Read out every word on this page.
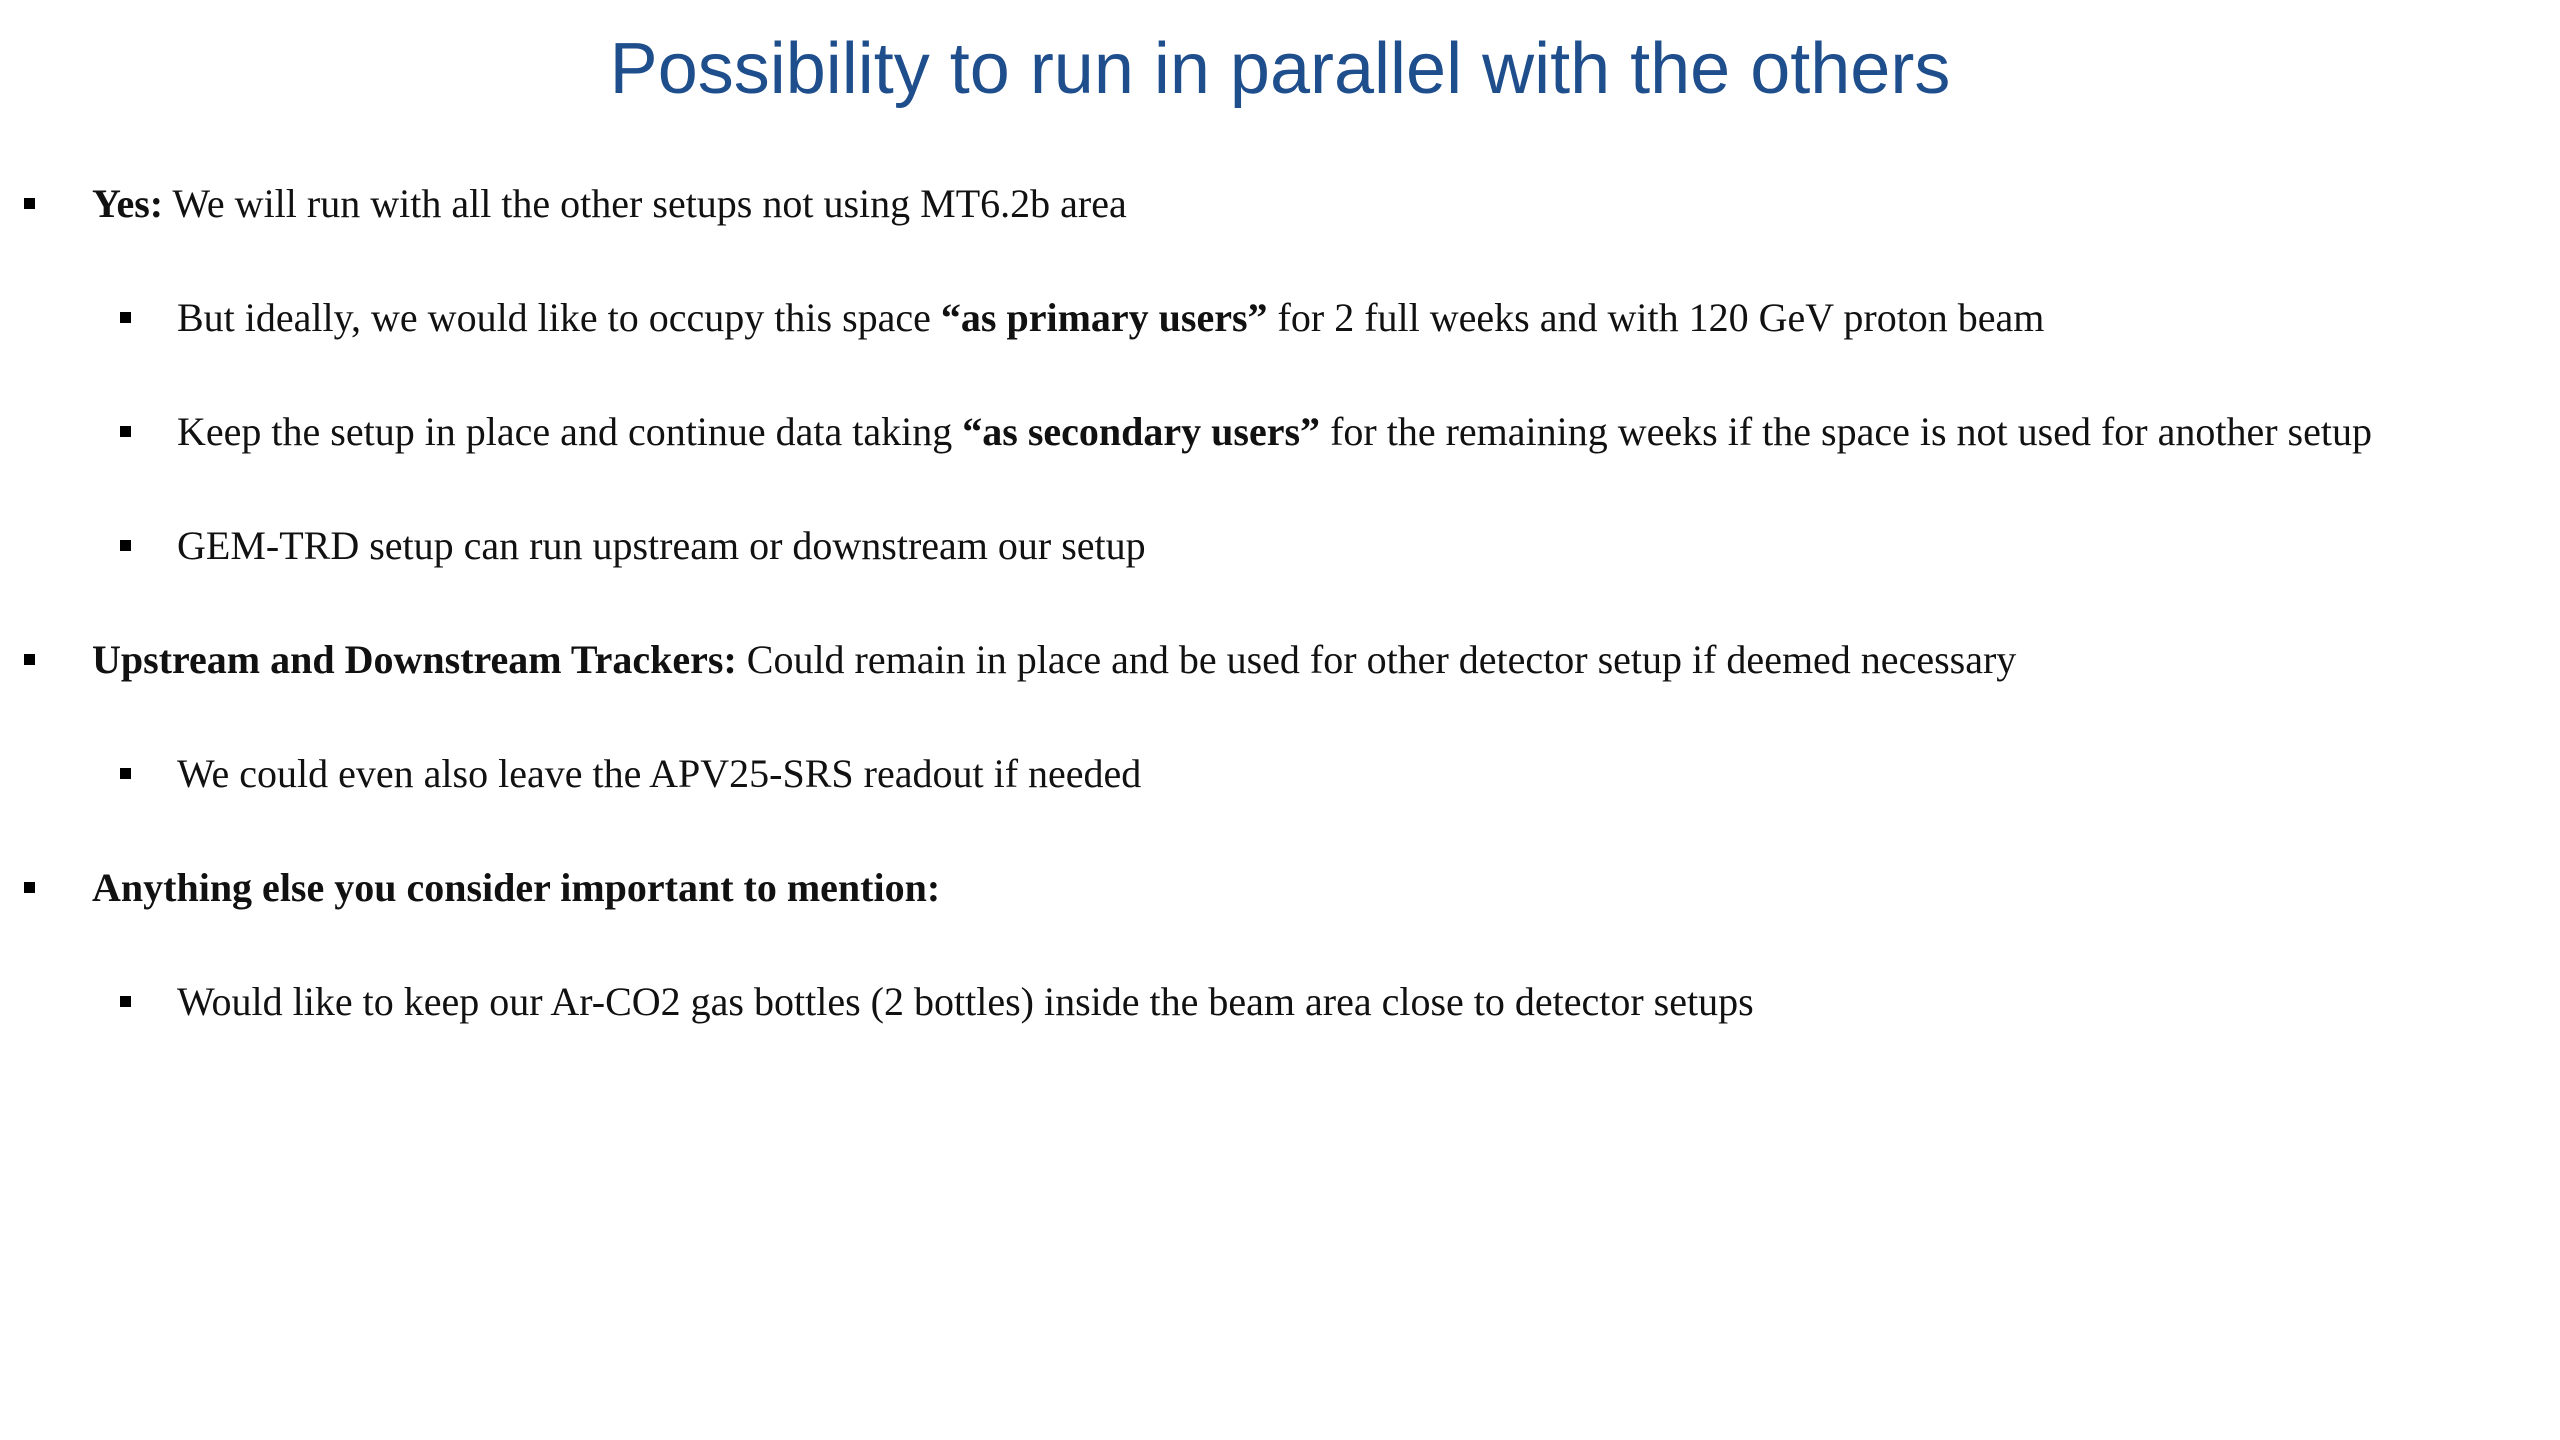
Possibility to run in parallel with the others
Yes: We will run with all the other setups not using MT6.2b area
But ideally, we would like to occupy this space “as primary users” for 2 full weeks and with 120 GeV proton beam
Keep the setup in place and continue data taking “as secondary users” for the remaining weeks if the space is not used for another setup
GEM-TRD setup can run upstream or downstream our setup
Upstream and Downstream Trackers: Could remain in place and be used for other detector setup if deemed necessary
We could even also leave the APV25-SRS readout if needed
Anything else you consider important to mention:
Would like to keep our Ar-CO2 gas bottles (2 bottles) inside the beam area close to detector setups
